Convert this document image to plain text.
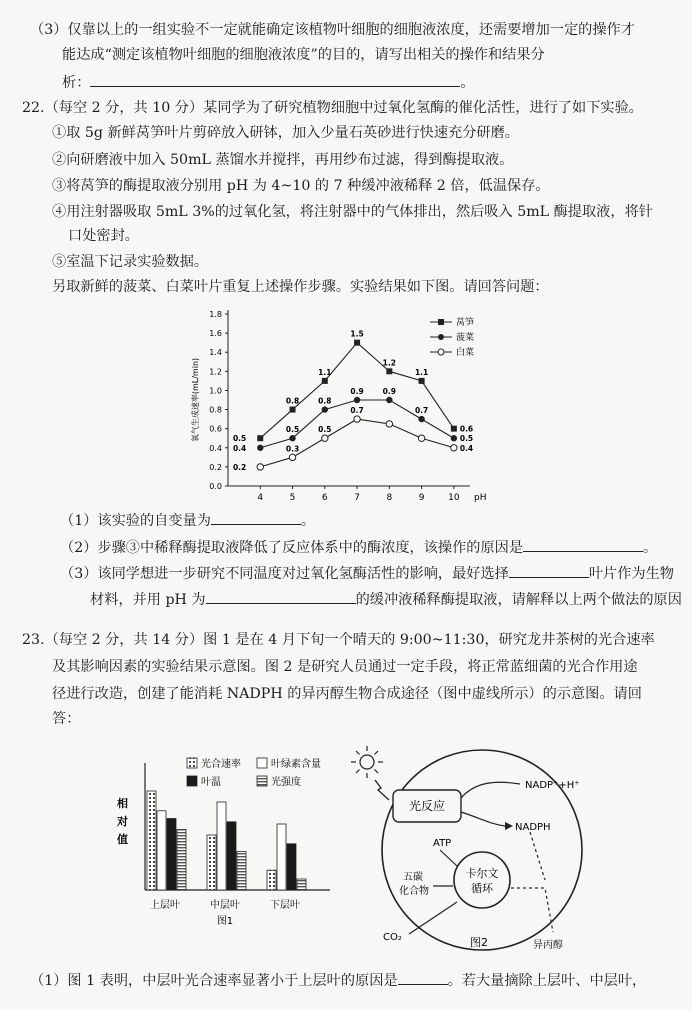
（3）仅靠以上的一组实验不一定就能确定该植物叶细胞的细胞液浓度，还需要增加一定的操作才
能达成“测定该植物叶细胞的细胞液浓度”的目的，请写出相关的操作和结果分
析：	。
22.（每空 2 分，共 10 分）某同学为了研究植物细胞中过氧化氢酶的催化活性，进行了如下实验。
①取 5g 新鲜莴笋叶片剪碎放入研钵，加入少量石英砂进行快速充分研磨。
②向研磨液中加入 50mL 蒸馏水并搅拌，再用纱布过滤，得到酶提取液。
③将莴笋的酶提取液分别用 pH 为 4~10 的 7 种缓冲液稀释 2 倍，低温保存。
④用注射器吸取 5mL 3%的过氧化氢，将注射器中的气体排出，然后吸入 5mL 酶提取液，将针
口处密封。
⑤室温下记录实验数据。
另取新鲜的菠菜、白菜叶片重复上述操作步骤。实验结果如下图。请回答问题：
0.0
0.2
0.4
0.6
0.8
1.0
1.2
1.4
1.6
1.8
4	5	6	7	8	9	10 pH
氧气生成速率(mL/min)	0.5
0.8
1.1
1.5
1.2
1.1
0.6
0.4
0.5
0.8
0.9	0.9
0.7
0.5
0.2
0.3
0.5
0.7
0.4
莴笋
菠菜
白菜
（1）该实验的自变量为	。
（2）步骤③中稀释酶提取液降低了反应体系中的酶浓度，该操作的原因是	。
（3）该同学想进一步研究不同温度对过氧化氢酶活性的影响，最好选择	叶片作为生物
材料，并用 pH 为	的缓冲液稀释酶提取液，请解释以上两个做法的原因
23.（每空 2 分，共 14 分）图 1 是在 4 月下旬一个晴天的 9:00~11:30，研究龙井茶树的光合速率
及其影响因素的实验结果示意图。图 2 是研究人员通过一定手段，将正常蓝细菌的光合作用途
径进行改造，创建了能消耗 NADPH 的异丙醇生物合成途径（图中虚线所示）的示意图。请回
答：
相
对
值
上层叶	中层叶	下层叶
图1
光合速率	叶绿素含量
叶温	光强度
光反应
NADP⁺+H⁺
NADPH
ATP
卡尔文
循环
五碳
化合物
CO₂
异丙醇
图2
（1）图 1 表明，中层叶光合速率显著小于上层叶的原因是	。若大量摘除上层叶、中层叶，
